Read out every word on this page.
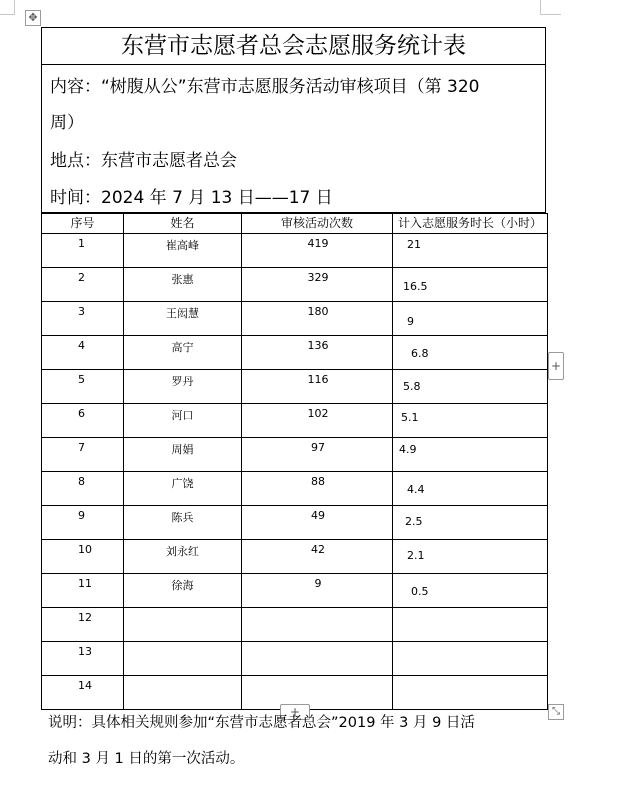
✥
东营市志愿者总会志愿服务统计表
内容：“树腹从公”东营市志愿服务活动审核项目（第 320
周）
地点：东营市志愿者总会
时间：2024 年 7 月 13 日——17 日
序号	姓名	审核活动次数	计入志愿服务时长（小时）

1	崔高峰	419	21

2	张惠	329	16.5

3	王闳慧	180	9

4	高宁	136	6.8

5	罗丹	116	5.8

6	河口	102	5.1

7	周娟	97	4.9

8	广饶	88	4.4

9	陈兵	49	2.5

10	刘永红	42	2.1

11	徐海	9	0.5

12			

13			

14			

+
+	⤡
说明：具体相关规则参加“东营市志愿者总会”2019 年 3 月 9 日活
动和 3 月 1 日的第一次活动。
